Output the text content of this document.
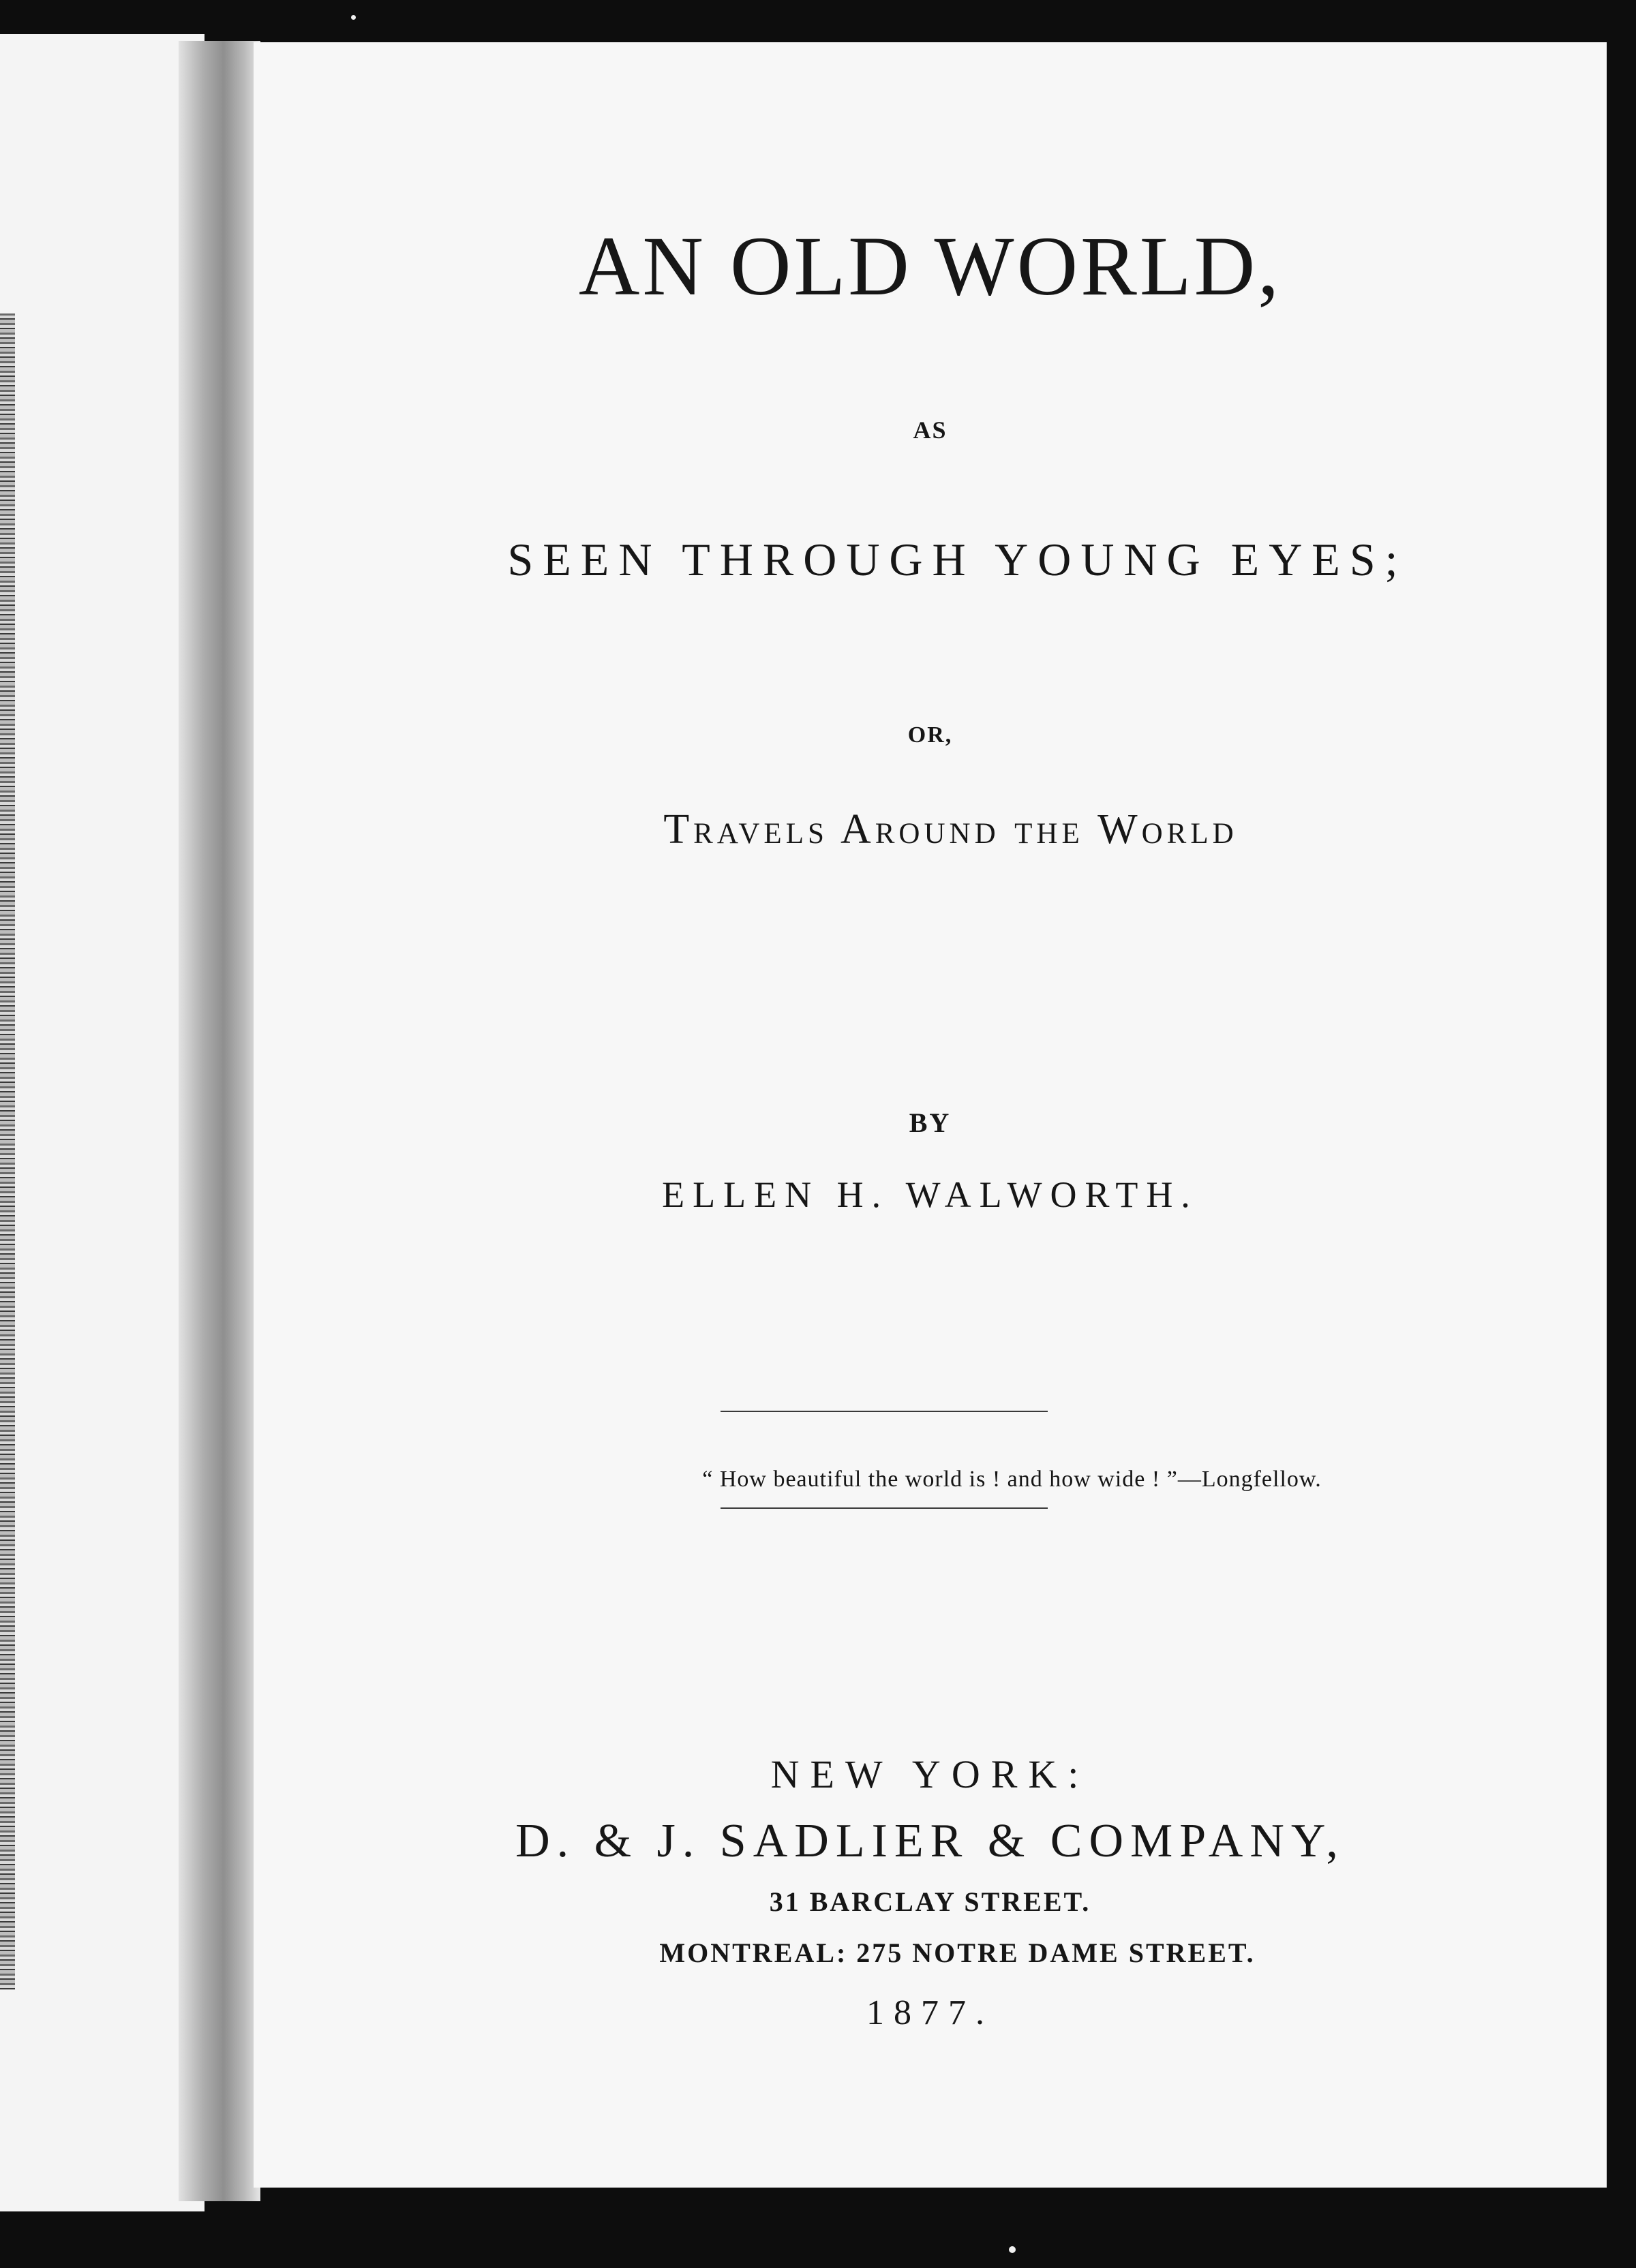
AN OLD WORLD,
AS
SEEN THROUGH YOUNG EYES;
OR,
Travels Around the World
BY
ELLEN H. WALWORTH.
“ How beautiful the world is ! and how wide ! ”—Longfellow.
NEW YORK:
D. & J. SADLIER & COMPANY,
31 BARCLAY STREET.
MONTREAL: 275 NOTRE DAME STREET.
1877.
